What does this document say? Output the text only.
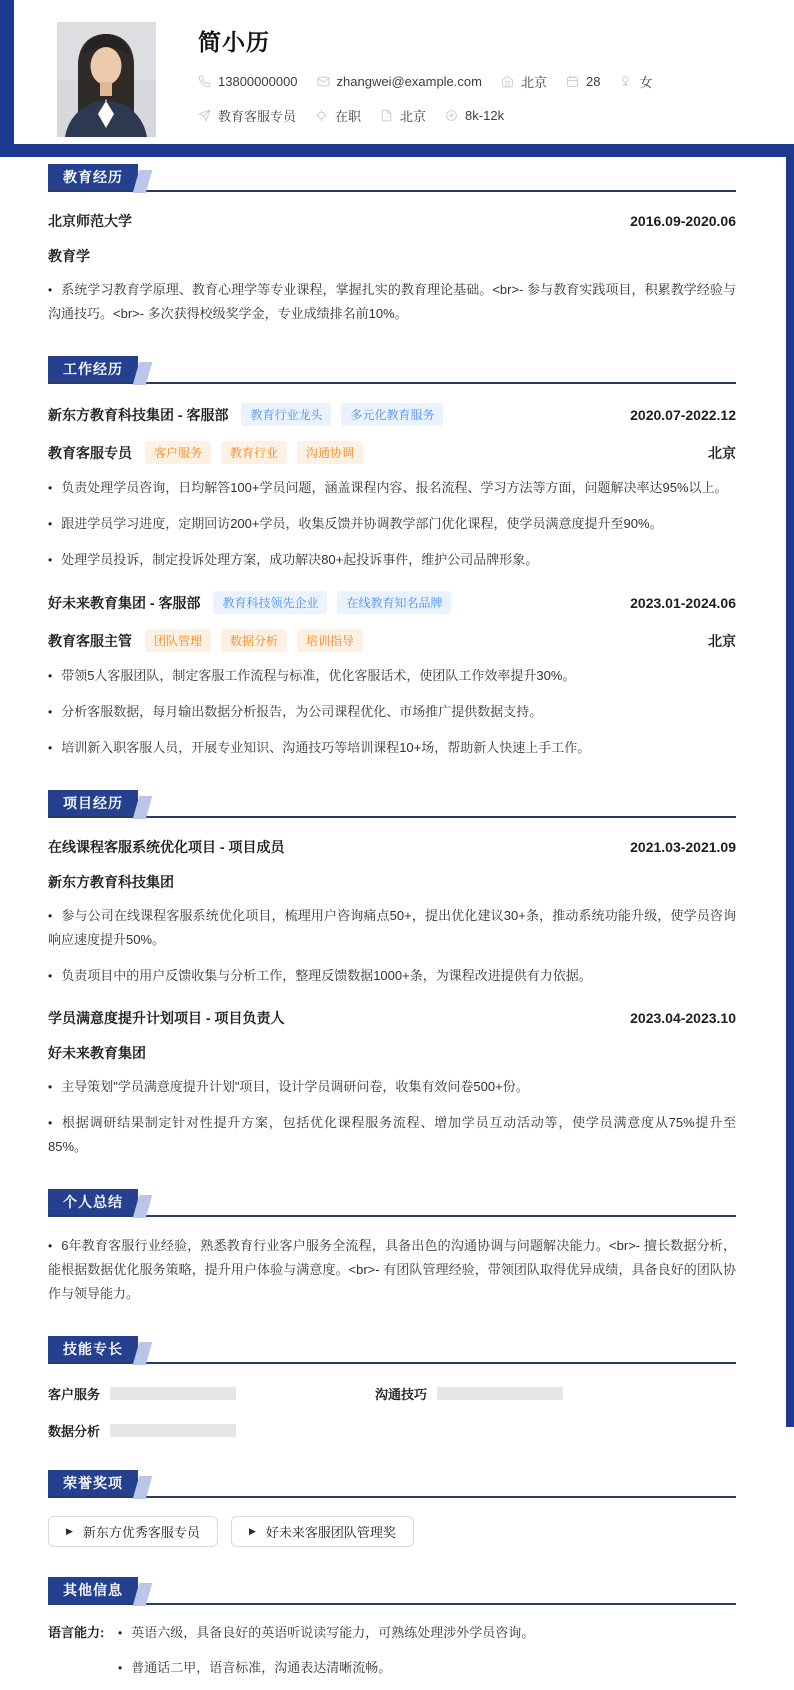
简小历
13800000000	zhangwei@example.com	北京	28	女
教育客服专员	在职	北京	8k-12k
教育经历
北京师范大学	2016.09-2020.06
教育学

• 系统学习教育学原理、教育心理学等专业课程，掌握扎实的教育理论基础。<br>- 参与教育实践项目，积累教学经验与沟通技巧。<br>- 多次获得校级奖学金，专业成绩排名前10%。

工作经历
新东方教育科技集团 - 客服部	教育行业龙头	多元化教育服务	2020.07-2022.12
教育客服专员	客户服务	教育行业	沟通协调	北京

• 负责处理学员咨询，日均解答100+学员问题，涵盖课程内容、报名流程、学习方法等方面，问题解决率达95%以上。

• 跟进学员学习进度，定期回访200+学员，收集反馈并协调教学部门优化课程，使学员满意度提升至90%。

• 处理学员投诉，制定投诉处理方案，成功解决80+起投诉事件，维护公司品牌形象。

好未来教育集团 - 客服部	教育科技领先企业	在线教育知名品牌	2023.01-2024.06
教育客服主管	团队管理	数据分析	培训指导	北京

• 带领5人客服团队，制定客服工作流程与标准，优化客服话术，使团队工作效率提升30%。

• 分析客服数据，每月输出数据分析报告，为公司课程优化、市场推广提供数据支持。

• 培训新入职客服人员，开展专业知识、沟通技巧等培训课程10+场，帮助新人快速上手工作。

项目经历
在线课程客服系统优化项目 - 项目成员	2021.03-2021.09
新东方教育科技集团

• 参与公司在线课程客服系统优化项目，梳理用户咨询痛点50+，提出优化建议30+条，推动系统功能升级，使学员咨询响应速度提升50%。

• 负责项目中的用户反馈收集与分析工作，整理反馈数据1000+条，为课程改进提供有力依据。

学员满意度提升计划项目 - 项目负责人	2023.04-2023.10
好未来教育集团

• 主导策划"学员满意度提升计划"项目，设计学员调研问卷，收集有效问卷500+份。

• 根据调研结果制定针对性提升方案，包括优化课程服务流程、增加学员互动活动等，使学员满意度从75%提升至85%。

个人总结

• 6年教育客服行业经验，熟悉教育行业客户服务全流程，具备出色的沟通协调与问题解决能力。<br>- 擅长数据分析，能根据数据优化服务策略，提升用户体验与满意度。<br>- 有团队管理经验，带领团队取得优异成绩，具备良好的团队协作与领导能力。

技能专长
客户服务	沟通技巧
数据分析
荣誉奖项
▶ 新东方优秀客服专员	▶ 好未来客服团队管理奖
其他信息
语言能力:	• 英语六级，具备良好的英语听说读写能力，可熟练处理涉外学员咨询。

• 普通话二甲，语音标准，沟通表达清晰流畅。
